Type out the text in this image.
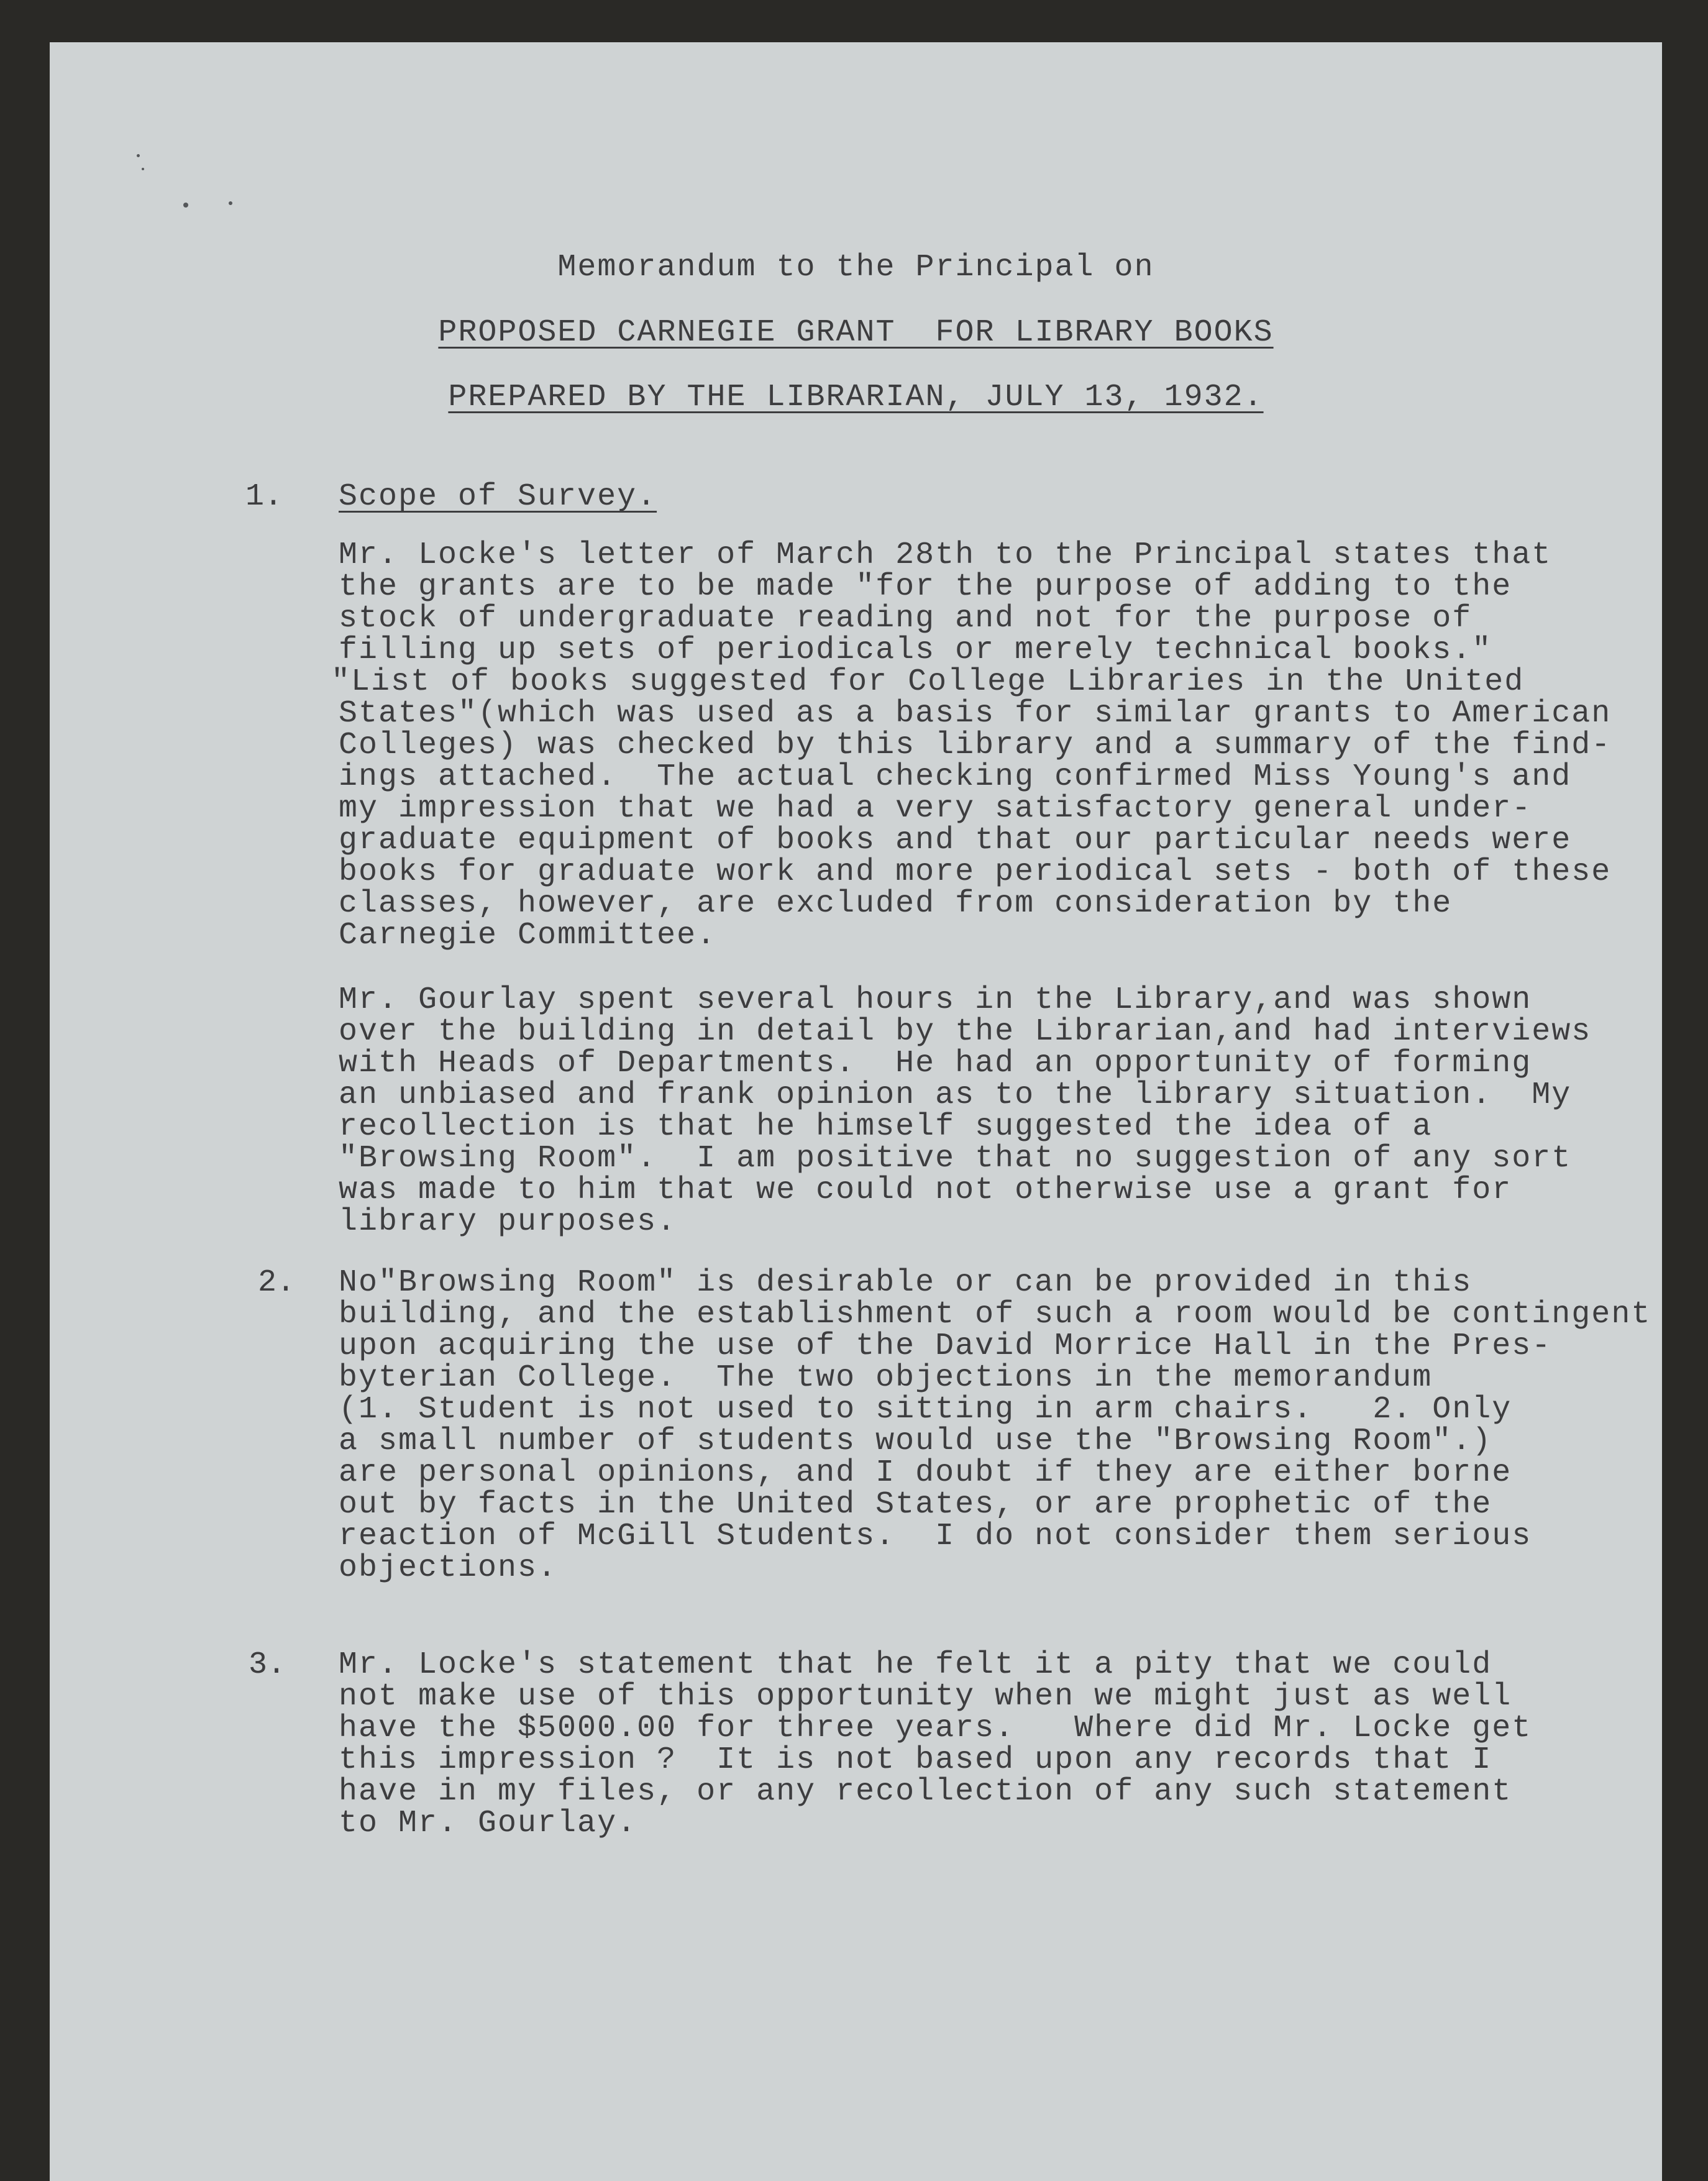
Memorandum to the Principal on
PROPOSED CARNEGIE GRANT  FOR LIBRARY BOOKS
PREPARED BY THE LIBRARIAN, JULY 13, 1932.
1. Scope of Survey.
Mr. Locke's letter of March 28th to the Principal states that
the grants are to be made "for the purpose of adding to the
stock of undergraduate reading and not for the purpose of
filling up sets of periodicals or merely technical books."
"List of books suggested for College Libraries in the United
States"(which was used as a basis for similar grants to American
Colleges) was checked by this library and a summary of the find-
ings attached.  The actual checking confirmed Miss Young's and
my impression that we had a very satisfactory general under-
graduate equipment of books and that our particular needs were
books for graduate work and more periodical sets - both of these
classes, however, are excluded from consideration by the
Carnegie Committee.
Mr. Gourlay spent several hours in the Library,and was shown
over the building in detail by the Librarian,and had interviews
with Heads of Departments.  He had an opportunity of forming
an unbiased and frank opinion as to the library situation.  My
recollection is that he himself suggested the idea of a
"Browsing Room".  I am positive that no suggestion of any sort
was made to him that we could not otherwise use a grant for
library purposes.
2. No"Browsing Room" is desirable or can be provided in this
building, and the establishment of such a room would be contingent
upon acquiring the use of the David Morrice Hall in the Pres-
byterian College.  The two objections in the memorandum
(1. Student is not used to sitting in arm chairs.   2. Only
a small number of students would use the "Browsing Room".)
are personal opinions, and I doubt if they are either borne
out by facts in the United States, or are prophetic of the
reaction of McGill Students.  I do not consider them serious
objections.
3. Mr. Locke's statement that he felt it a pity that we could
not make use of this opportunity when we might just as well
have the $5000.00 for three years.   Where did Mr. Locke get
this impression ?  It is not based upon any records that I
have in my files, or any recollection of any such statement
to Mr. Gourlay.
